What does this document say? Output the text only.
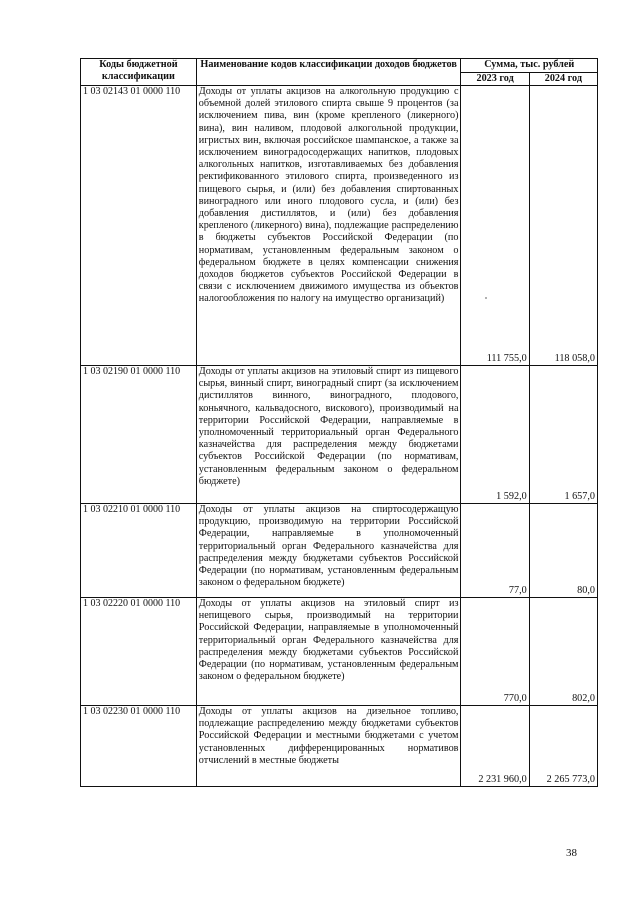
Коды бюджетной классификации	Наименование кодов классификации доходов бюджетов	Сумма, тыс. рублей	
		2023 год	2024 год
1 03 02143 01 0000 110	Доходы от уплаты акцизов на алкогольную продукцию с объемной долей этилового спирта свыше 9 процентов (за исключением пива, вин (кроме крепленого (ликерного) вина), вин наливом, плодовой алкогольной продукции, игристых вин, включая российское шампанское, а также за исключением виноградосодержащих напитков, плодовых алкогольных напитков, изготавливаемых без добавления ректификованного этилового спирта, произведенного из пищевого сырья, и (или) без добавления спиртованных виноградного или иного плодового сусла, и (или) без добавления дистиллятов, и (или) без добавления крепленого (ликерного) вина), подлежащие распределению в бюджеты субъектов Российской Федерации (по нормативам, установленным федеральным законом о федеральном бюджете в целях компенсации снижения доходов бюджетов субъектов Российской Федерации в связи с исключением движимого имущества из объектов налогообложения по налогу на имущество организаций)	111 755,0	118 058,0
1 03 02190 01 0000 110	Доходы от уплаты акцизов на этиловый спирт из пищевого сырья, винный спирт, виноградный спирт (за исключением дистиллятов винного, виноградного, плодового, коньячного, кальвадосного, вискового), производимый на территории Российской Федерации, направляемые в уполномоченный территориальный орган Федерального казначейства для распределения между бюджетами субъектов Российской Федерации (по нормативам, установленным федеральным законом о федеральном бюджете)	1 592,0	1 657,0
1 03 02210 01 0000 110	Доходы от уплаты акцизов на спиртосодержащую продукцию, производимую на территории Российской Федерации, направляемые в уполномоченный территориальный орган Федерального казначейства для распределения между бюджетами субъектов Российской Федерации (по нормативам, установленным федеральным законом о федеральном бюджете)	77,0	80,0
1 03 02220 01 0000 110	Доходы от уплаты акцизов на этиловый спирт из непищевого сырья, производимый на территории Российской Федерации, направляемые в уполномоченный территориальный орган Федерального казначейства для распределения между бюджетами субъектов Российской Федерации (по нормативам, установленным федеральным законом о федеральном бюджете)	770,0	802,0
1 03 02230 01 0000 110	Доходы от уплаты акцизов на дизельное топливо, подлежащие распределению между бюджетами субъектов Российской Федерации и местными бюджетами с учетом установленных дифференцированных нормативов отчислений в местные бюджеты	2 231 960,0	2 265 773,0
38
